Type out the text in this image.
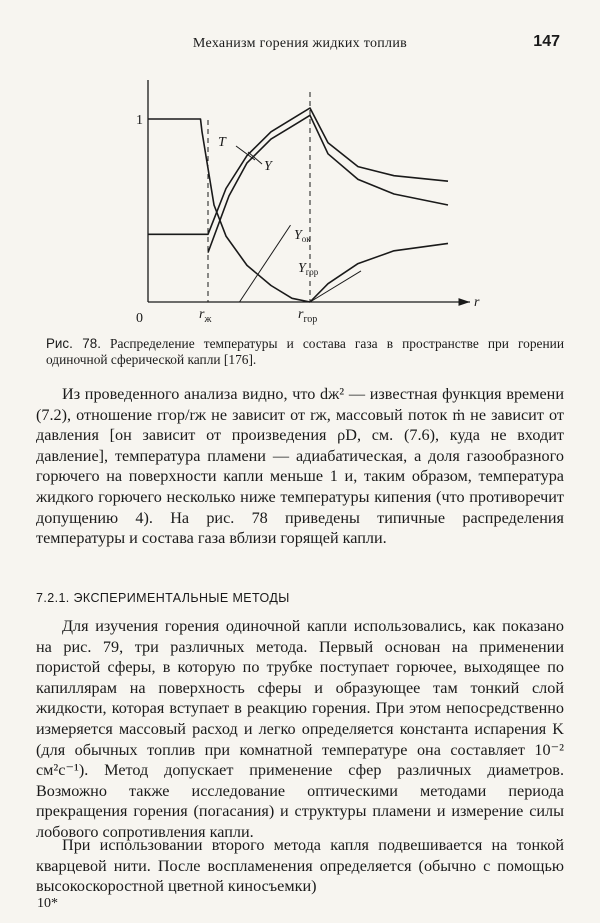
Механизм горения жидких топлив	147
1
0	$r_ж$	$r_{гор}$
r
T
Y
$Y_{ок}$
$Y_{гор}$
Рис. 78. Распределение температуры и состава газа в пространстве при горении одиночной сферической капли [176].
Из проведенного анализа видно, что dж² — известная функция времени (7.2), отношение rгор/rж не зависит от rж, массовый поток ṁ не зависит от давления [он зависит от произведения ρD, см. (7.6), куда не входит давление], температура пламени — адиабатическая, а доля газообразного горючего на поверхности капли меньше 1 и, таким образом, температура жидкого горючего несколько ниже температуры кипения (что противоречит допущению 4). На рис. 78 приведены типичные распределения температуры и состава газа вблизи горящей капли.
7.2.1. ЭКСПЕРИМЕНТАЛЬНЫЕ МЕТОДЫ
Для изучения горения одиночной капли использовались, как показано на рис. 79, три различных метода. Первый основан на применении пористой сферы, в которую по трубке поступает горючее, выходящее по капиллярам на поверхность сферы и образующее там тонкий слой жидкости, которая вступает в реакцию горения. При этом непосредственно измеряется массовый расход и легко определяется константа испарения K (для обычных топлив при комнатной температуре она составляет 10⁻² см²с⁻¹). Метод допускает применение сфер различных диаметров. Возможно также исследование оптическими методами периода прекращения горения (погасания) и структуры пламени и измерение силы лобового сопротивления капли.
При использовании второго метода капля подвешивается на тонкой кварцевой нити. После воспламенения определяется (обычно с помощью высокоскоростной цветной киносъемки)
10*
